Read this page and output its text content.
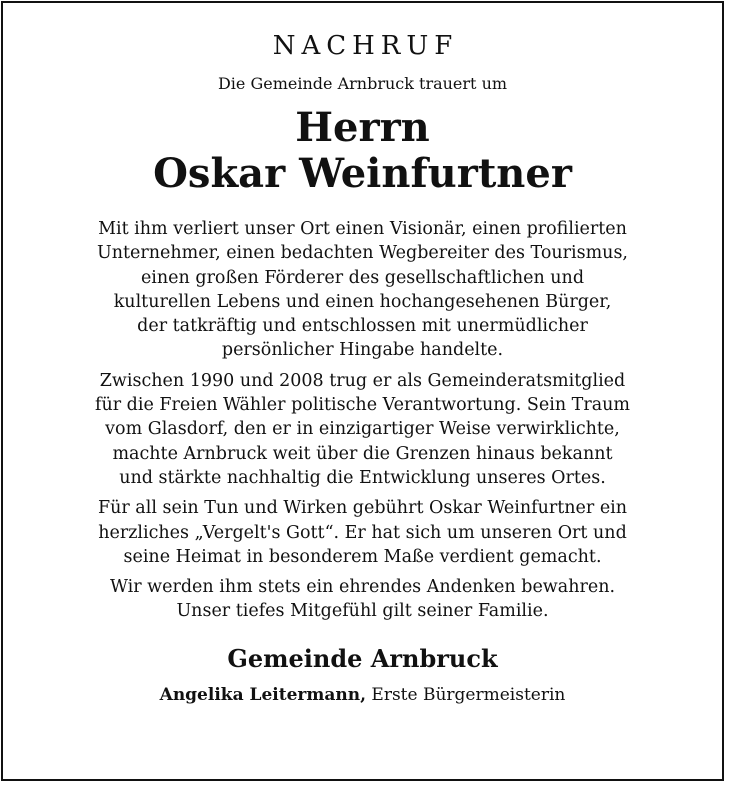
NACHRUF
Die Gemeinde Arnbruck trauert um
Herrn
Oskar Weinfurtner

Mit ihm verliert unser Ort einen Visionär, einen profilierten
Unternehmer, einen bedachten Wegbereiter des Tourismus,
einen großen Förderer des gesellschaftlichen und
kulturellen Lebens und einen hochangesehenen Bürger,
der tatkräftig und entschlossen mit unermüdlicher
persönlicher Hingabe handelte.

Zwischen 1990 und 2008 trug er als Gemeinderatsmitglied
für die Freien Wähler politische Verantwortung. Sein Traum
vom Glasdorf, den er in einzigartiger Weise verwirklichte,
machte Arnbruck weit über die Grenzen hinaus bekannt
und stärkte nachhaltig die Entwicklung unseres Ortes.

Für all sein Tun und Wirken gebührt Oskar Weinfurtner ein
herzliches „Vergelt's Gott“. Er hat sich um unseren Ort und
seine Heimat in besonderem Maße verdient gemacht.

Wir werden ihm stets ein ehrendes Andenken bewahren.
Unser tiefes Mitgefühl gilt seiner Familie.

Gemeinde Arnbruck
Angelika Leitermann, Erste Bürgermeisterin
